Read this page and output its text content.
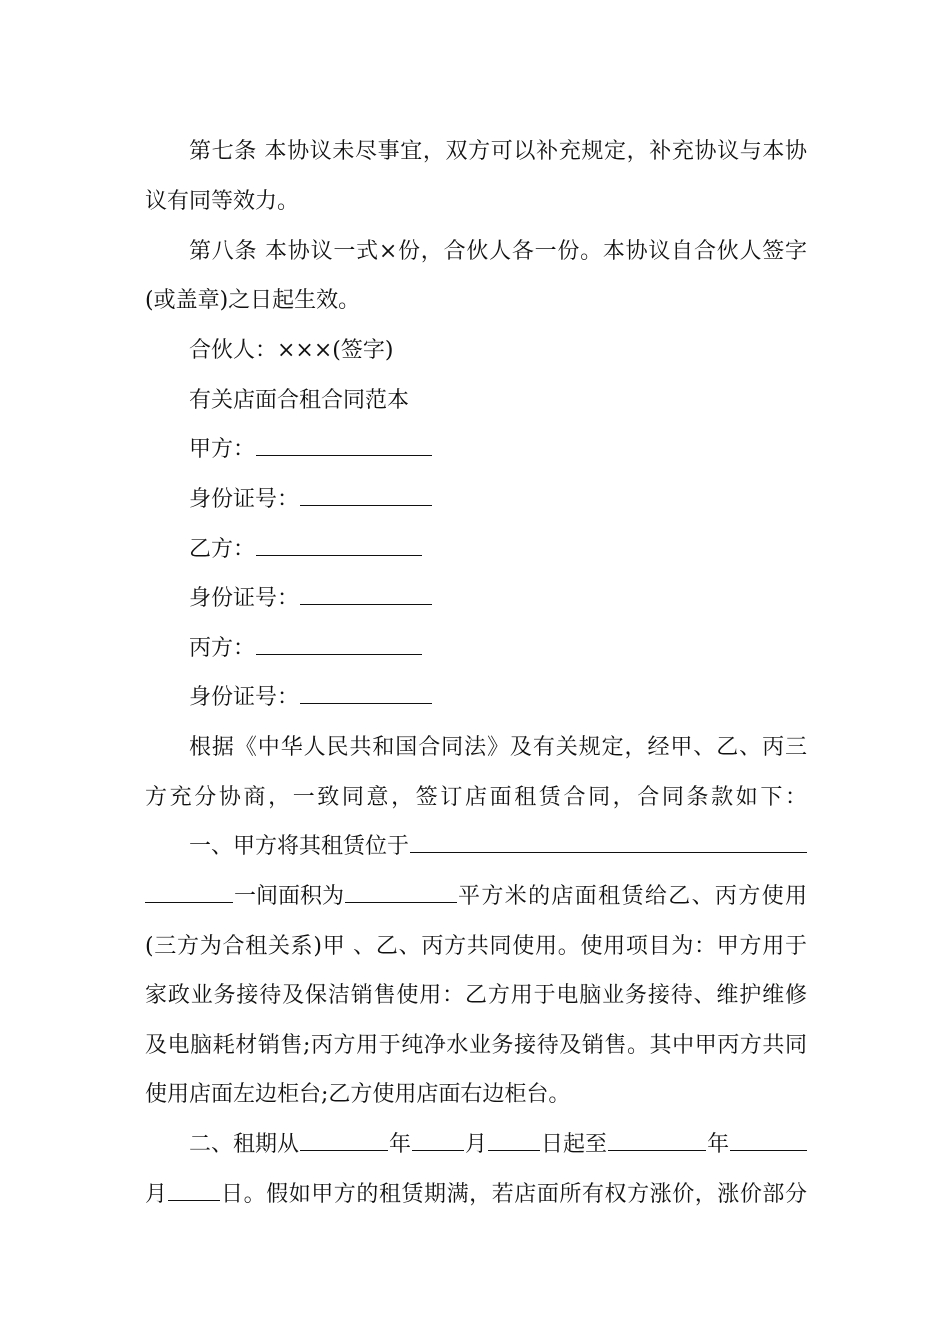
第七条 本协议未尽事宜，双方可以补充规定，补充协议与本协
议有同等效力。
第八条 本协议一式×份，合伙人各一份。本协议自合伙人签字
(或盖章)之日起生效。
合伙人：×××(签字)
有关店面合租合同范本
甲方：
身份证号：
乙方：
身份证号：
丙方：
身份证号：
根据《中华人民共和国合同法》及有关规定，经甲、乙、丙三
方充分协商，一致同意，签订店面租赁合同，合同条款如下：
一、甲方将其租赁位于
一间面积为	平方米的店面租赁给乙、丙方使用
(三方为合租关系)甲 、乙、丙方共同使用。使用项目为：甲方用于
家政业务接待及保洁销售使用：乙方用于电脑业务接待、维护维修
及电脑耗材销售;丙方用于纯净水业务接待及销售。其中甲丙方共同
使用店面左边柜台;乙方使用店面右边柜台。
二、租期从	年 月 日起至	年
月 日。假如甲方的租赁期满，若店面所有权方涨价，涨价部分
